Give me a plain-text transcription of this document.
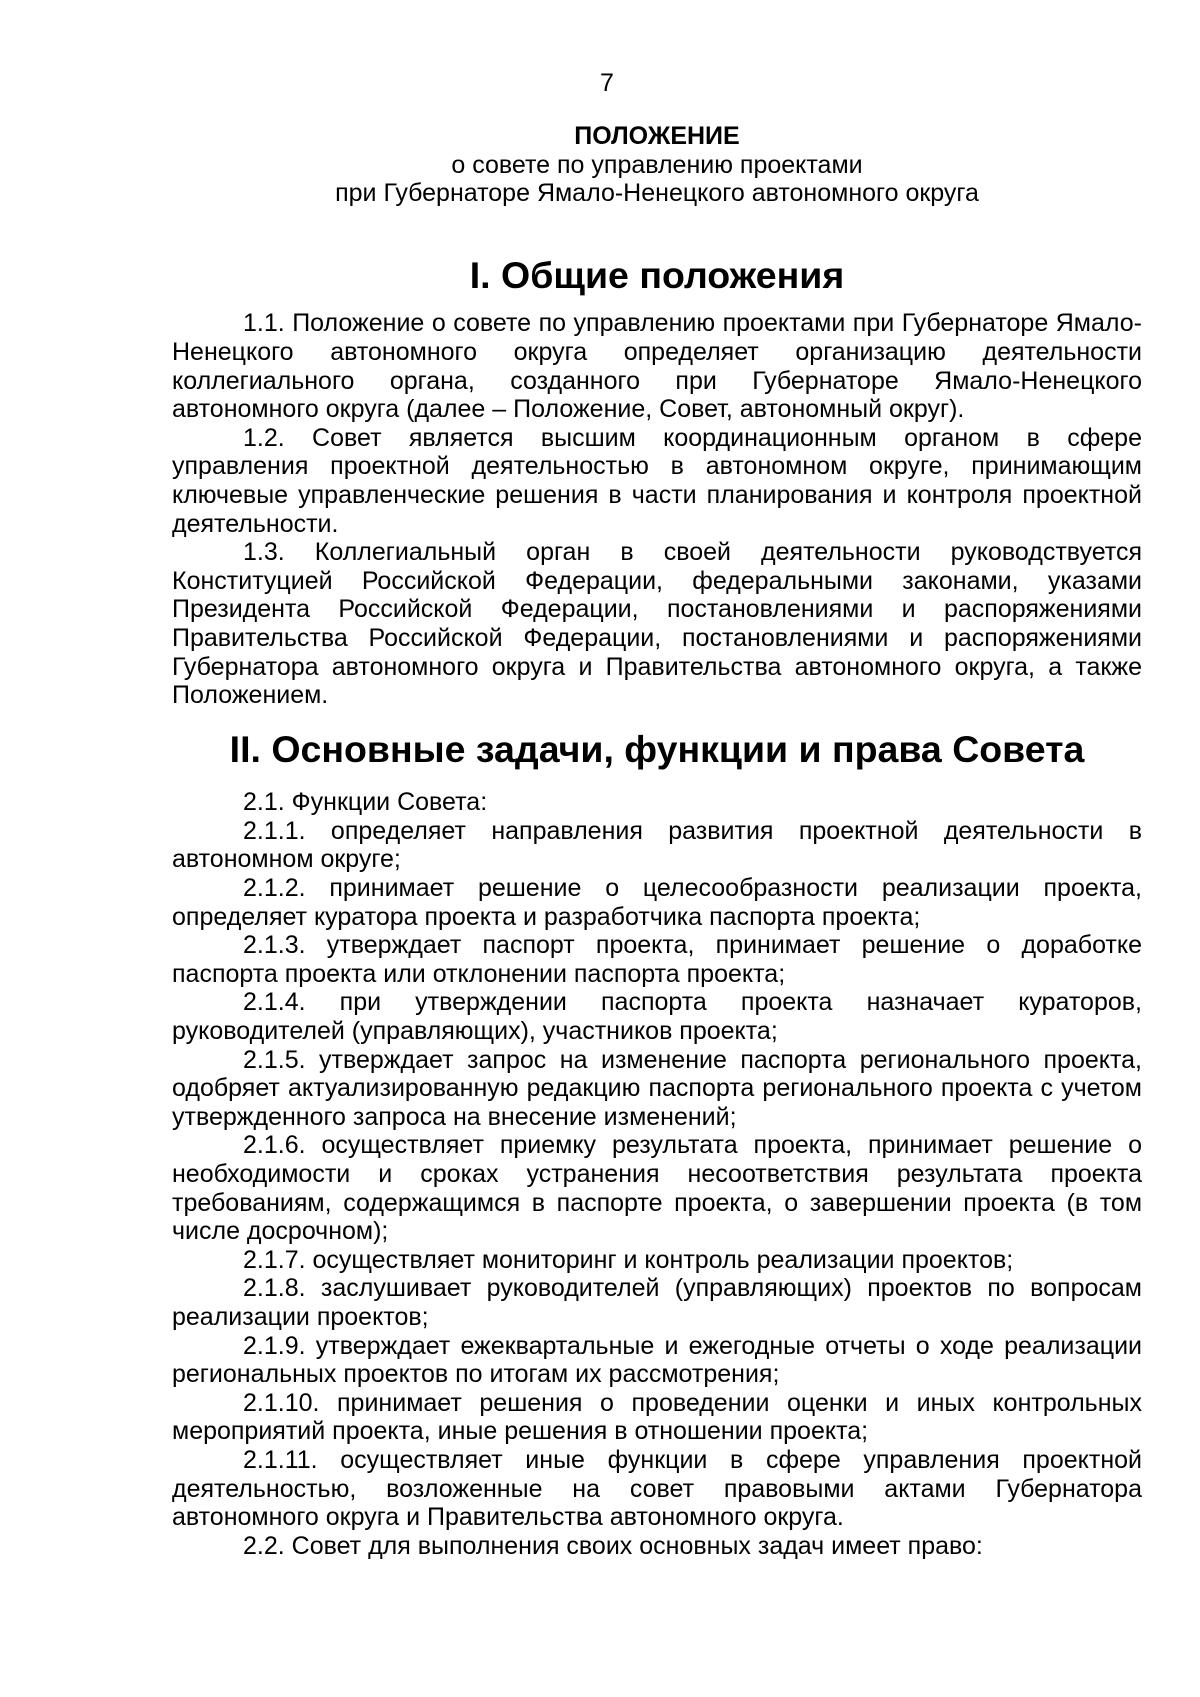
7

ПОЛОЖЕНИЕ

о совете по управлению проектами

при Губернаторе Ямало-Ненецкого автономного округа

I. Общие положения

1.1. Положение о совете по управлению проектами при Губернаторе Ямало-Ненецкого автономного округа определяет организацию деятельности коллегиального органа, созданного при Губернаторе Ямало-Ненецкого автономного округа (далее – Положение, Совет, автономный округ).

1.2. Совет является высшим координационным органом в сфере управления проектной деятельностью в автономном округе, принимающим ключевые управленческие решения в части планирования и контроля проектной деятельности.

1.3. Коллегиальный орган в своей деятельности руководствуется Конституцией Российской Федерации, федеральными законами, указами Президента Российской Федерации, постановлениями и распоряжениями Правительства Российской Федерации, постановлениями и распоряжениями Губернатора автономного округа и Правительства автономного округа, а также Положением.

II. Основные задачи, функции и права Совета

2.1. Функции Совета:

2.1.1. определяет направления развития проектной деятельности в автономном округе;

2.1.2. принимает решение о целесообразности реализации проекта, определяет куратора проекта и разработчика паспорта проекта;

2.1.3. утверждает паспорт проекта, принимает решение о доработке паспорта проекта или отклонении паспорта проекта;

2.1.4. при утверждении паспорта проекта назначает кураторов, руководителей (управляющих), участников проекта;

2.1.5. утверждает запрос на изменение паспорта регионального проекта, одобряет актуализированную редакцию паспорта регионального проекта с учетом утвержденного запроса на внесение изменений;

2.1.6. осуществляет приемку результата проекта, принимает решение о необходимости и сроках устранения несоответствия результата проекта требованиям, содержащимся в паспорте проекта, о завершении проекта (в том числе досрочном);

2.1.7. осуществляет мониторинг и контроль реализации проектов;

2.1.8. заслушивает руководителей (управляющих) проектов по вопросам реализации проектов;

2.1.9. утверждает ежеквартальные и ежегодные отчеты о ходе реализации региональных проектов по итогам их рассмотрения;

2.1.10. принимает решения о проведении оценки и иных контрольных мероприятий проекта, иные решения в отношении проекта;

2.1.11. осуществляет иные функции в сфере управления проектной деятельностью, возложенные на совет правовыми актами Губернатора автономного округа и Правительства автономного округа.

2.2. Совет для выполнения своих основных задач имеет право:
